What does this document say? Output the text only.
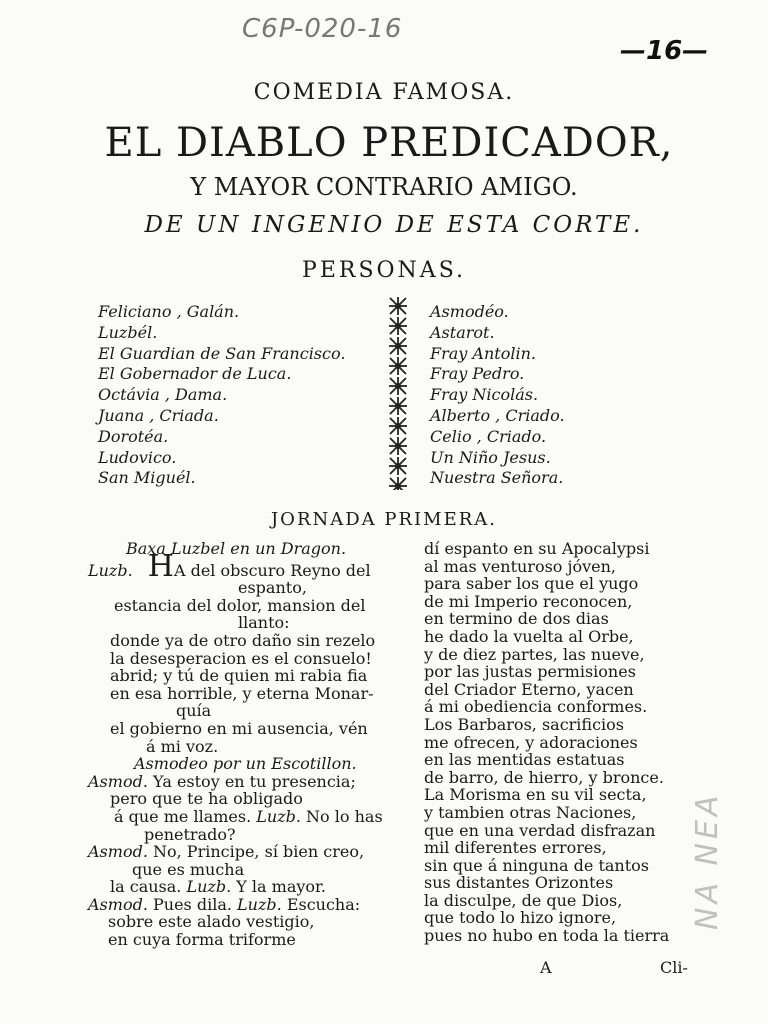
C6P-020-16
—16—
COMEDIA FAMOSA.
EL DIABLO PREDICADOR,
Y MAYOR CONTRARIO AMIGO.
DE UN INGENIO DE ESTA CORTE.
PERSONAS.
Feliciano , Galán.
Luzbél.
El Guardian de San Francisco.
El Gobernador de Luca.
Octávia , Dama.
Juana , Criada.
Dorotéa.
Ludovico.
San Miguél.
Asmodéo.
Astarot.
Fray Antolin.
Fray Pedro.
Fray Nicolás.
Alberto , Criado.
Celio , Criado.
Un Niño Jesus.
Nuestra Señora.
JORNADA PRIMERA.
Baxa Luzbel en un Dragon.
Luzb. HA del obscuro Reyno del
espanto,
estancia del dolor, mansion del
llanto:
donde ya de otro daño sin rezelo
la desesperacion es el consuelo!
abrid; y tú de quien mi rabia fia
en esa horrible, y eterna Monar-
quía
el gobierno en mi ausencia, vén
á mi voz.
Asmodeo por un Escotillon.
Asmod. Ya estoy en tu presencia;
pero que te ha obligado
á que me llames. Luzb. No lo has
penetrado?
Asmod. No, Principe, sí bien creo,
que es mucha
la causa. Luzb. Y la mayor.
Asmod. Pues dila. Luzb. Escucha:
sobre este alado vestigio,
en cuya forma triforme
dí espanto en su Apocalypsi
al mas venturoso jóven,
para saber los que el yugo
de mi Imperio reconocen,
en termino de dos dias
he dado la vuelta al Orbe,
y de diez partes, las nueve,
por las justas permisiones
del Criador Eterno, yacen
á mi obediencia conformes.
Los Barbaros, sacrificios
me ofrecen, y adoraciones
en las mentidas estatuas
de barro, de hierro, y bronce.
La Morisma en su vil secta,
y tambien otras Naciones,
que en una verdad disfrazan
mil diferentes errores,
sin que á ninguna de tantos
sus distantes Orizontes
la disculpe, de que Dios,
que todo lo hizo ignore,
pues no hubo en toda la tierra
A	Cli-
NA NEA
